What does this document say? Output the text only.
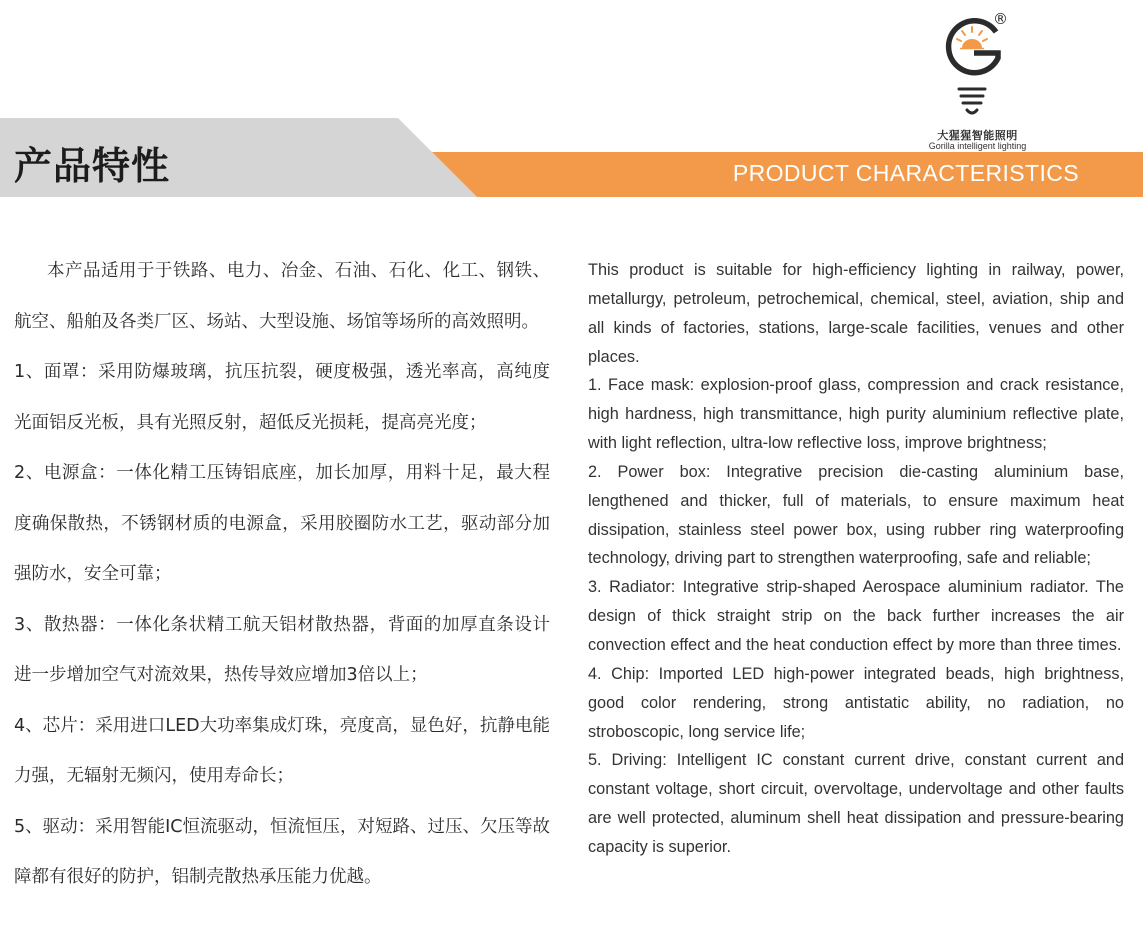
®
大猩猩智能照明
Gorilla intelligent lighting
产品特性	PRODUCT CHARACTERISTICS

本产品适用于于铁路、电力、冶金、石油、石化、化工、钢铁、航空、船舶及各类厂区、场站、大型设施、场馆等场所的高效照明。

1、面罩：采用防爆玻璃，抗压抗裂，硬度极强，透光率高，高纯度光面铝反光板，具有光照反射，超低反光损耗，提高亮光度；

2、电源盒：一体化精工压铸铝底座，加长加厚，用料十足，最大程度确保散热，不锈钢材质的电源盒，采用胶圈防水工艺，驱动部分加强防水，安全可靠；

3、散热器：一体化条状精工航天铝材散热器，背面的加厚直条设计进一步增加空气对流效果，热传导效应增加3倍以上；

4、芯片：采用进口LED大功率集成灯珠，亮度高，显色好，抗静电能力强，无辐射无频闪，使用寿命长；

5、驱动：采用智能IC恒流驱动，恒流恒压，对短路、过压、欠压等故障都有很好的防护，铝制壳散热承压能力优越。

This product is suitable for high-efficiency lighting in railway, power, metallurgy, petroleum, petrochemical, chemical, steel, aviation, ship and all kinds of factories, stations, large-scale facilities, venues and other places.

1. Face mask: explosion-proof glass, compression and crack resistance, high hardness, high transmittance, high purity aluminium reflective plate, with light reflection, ultra-low reflective loss, improve brightness;

2. Power box: Integrative precision die-casting aluminium base, lengthened and thicker, full of materials, to ensure maximum heat dissipation, stainless steel power box, using rubber ring waterproofing technology, driving part to strengthen waterproofing, safe and reliable;

3. Radiator: Integrative strip-shaped Aerospace aluminium radiator. The design of thick straight strip on the back further increases the air convection effect and the heat conduction effect by more than three times.

4. Chip: Imported LED high-power integrated beads, high brightness, good color rendering, strong antistatic ability, no radiation, no stroboscopic, long service life;

5. Driving: Intelligent IC constant current drive, constant current and constant voltage, short circuit, overvoltage, undervoltage and other faults are well protected, aluminum shell heat dissipation and pressure-bearing capacity is superior.
